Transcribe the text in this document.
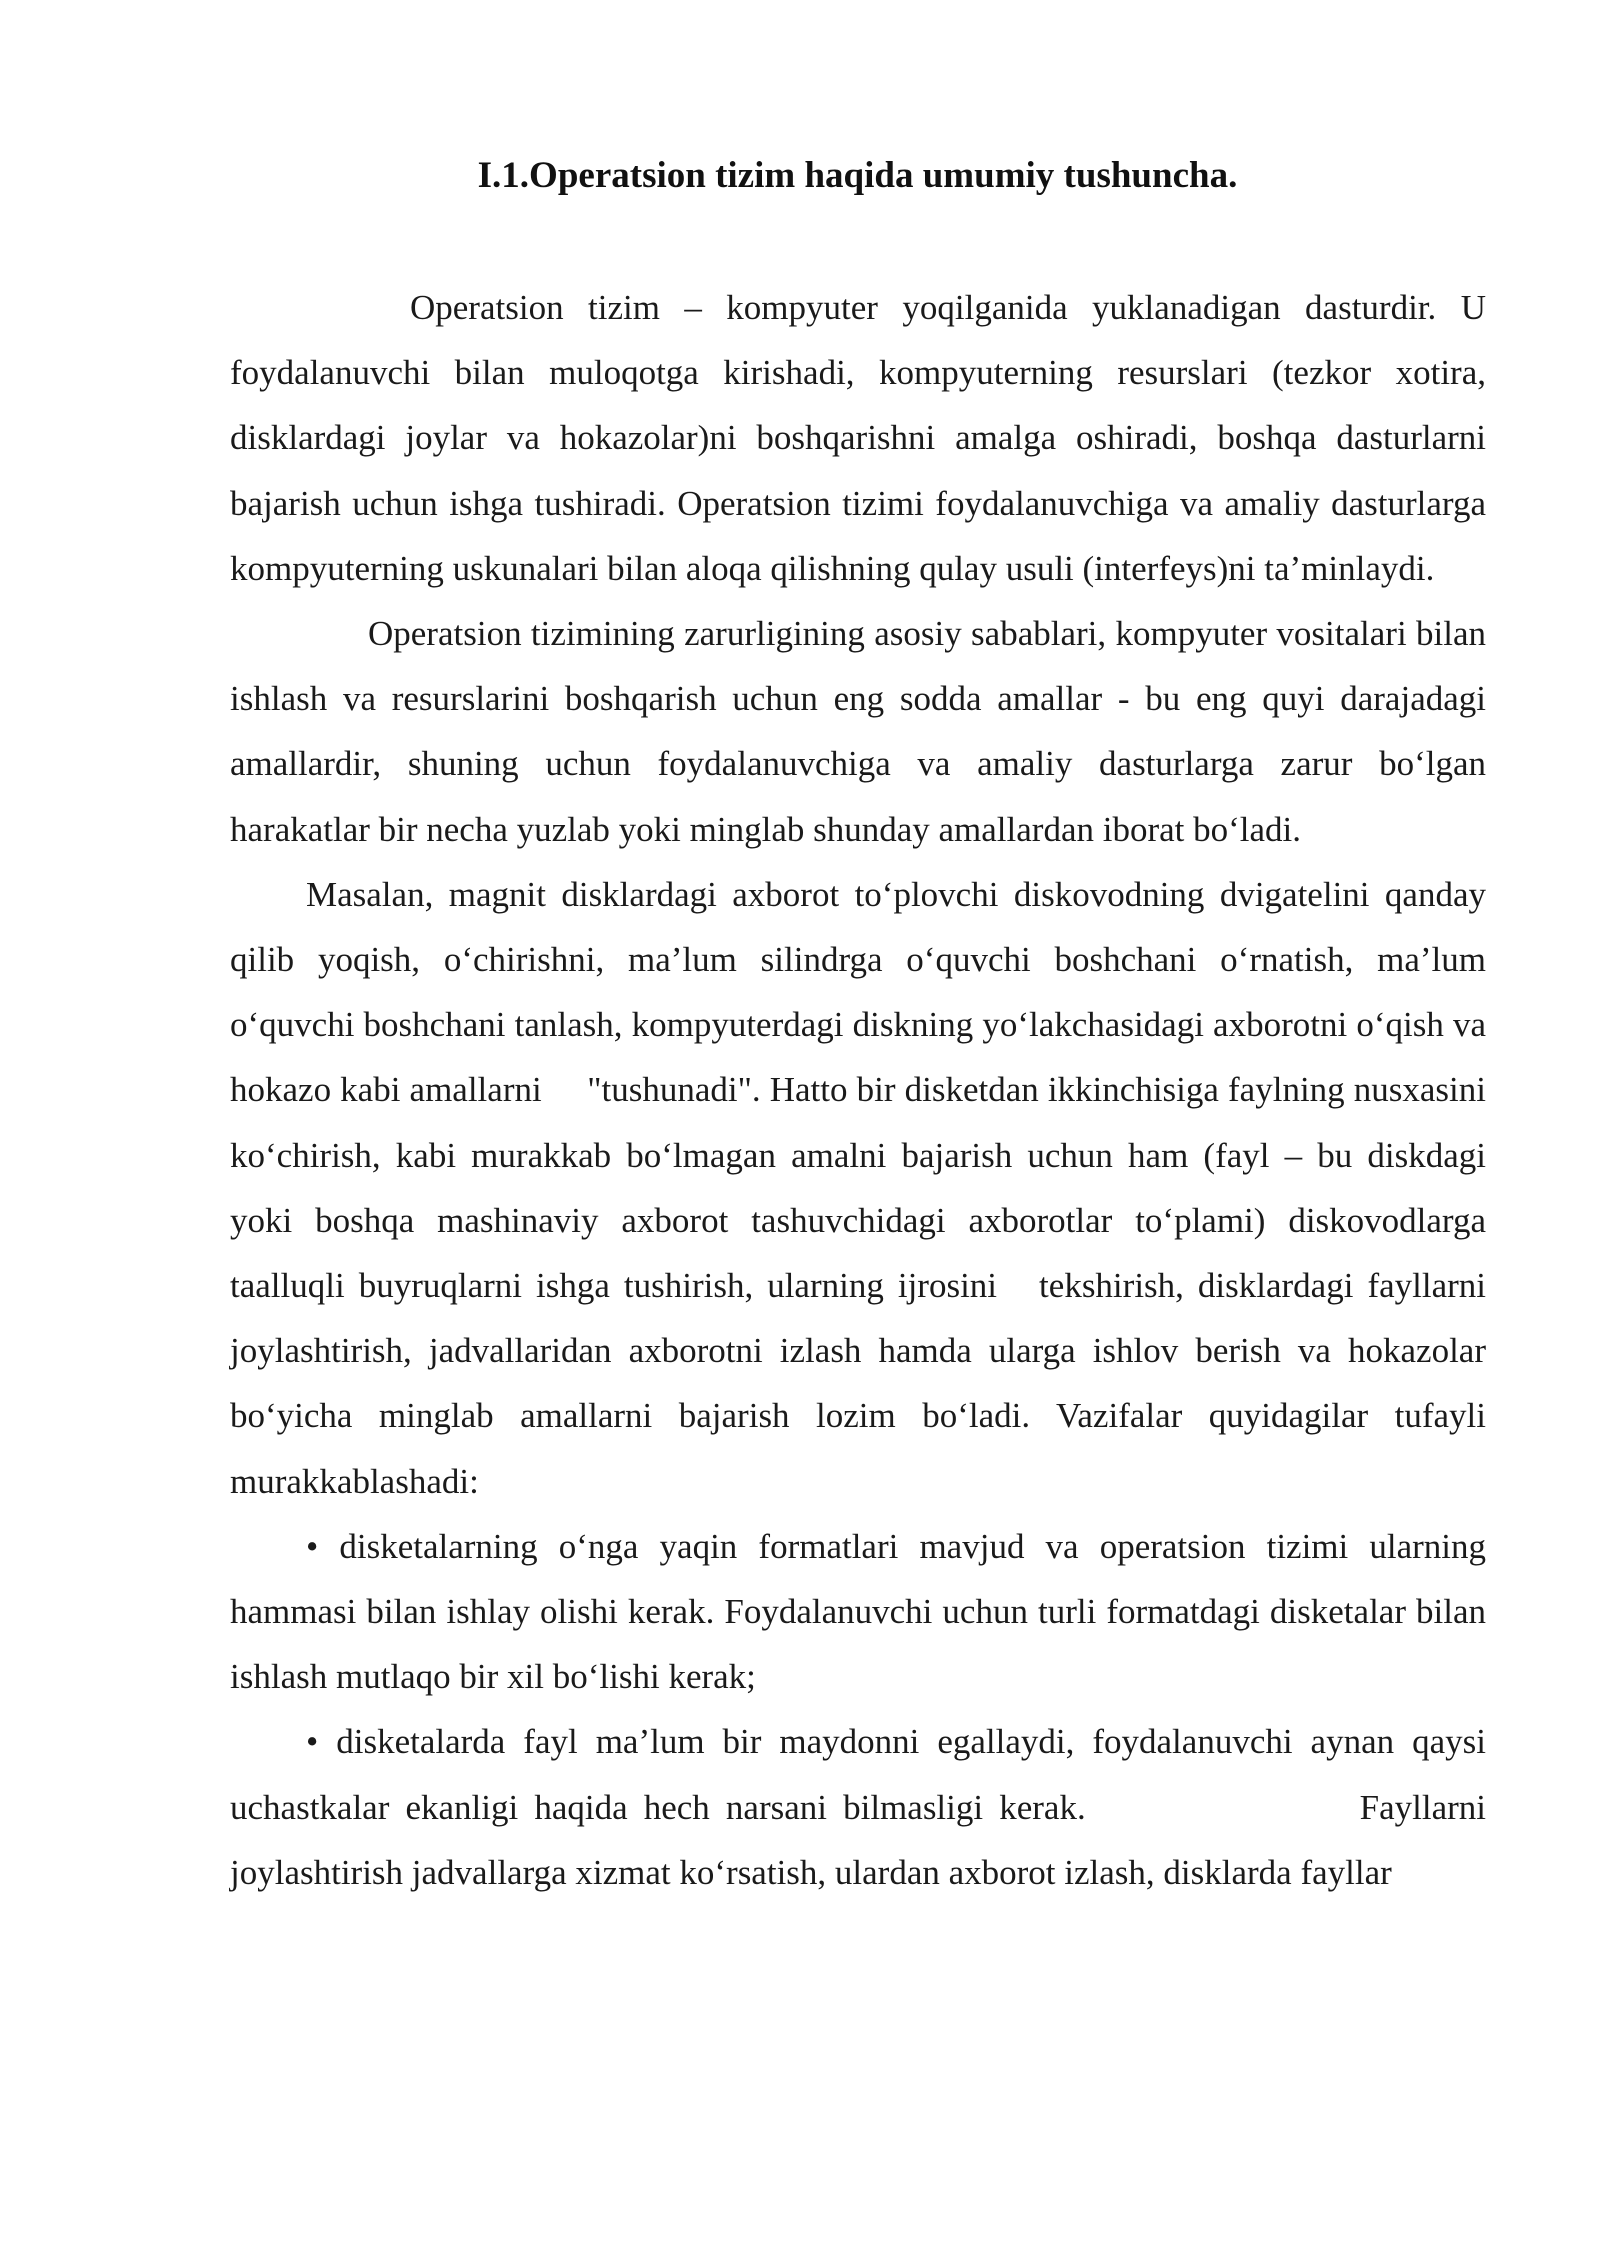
I.1.Operatsion tizim haqida umumiy tushuncha.

Operatsion tizim – kompyuter yoqilganida yuklanadigan dasturdir. U foydalanuvchi bilan muloqotga kirishadi, kompyuterning resurslari (tezkor xotira, disklardagi joylar va hokazolar)ni boshqarishni amalga oshiradi, boshqa dasturlarni bajarish uchun ishga tushiradi. Operatsion tizimi foydalanuvchiga va amaliy dasturlarga kompyuterning uskunalari bilan aloqa qilishning qulay usuli (interfeys)ni ta’minlaydi.

Operatsion tizimining zarurligining asosiy sabablari, kompyuter vositalari bilan ishlash va resurslarini boshqarish uchun eng sodda amallar - bu eng quyi darajadagi amallardir, shuning uchun foydalanuvchiga va amaliy dasturlarga zarur bo‘lgan harakatlar bir necha yuzlab yoki minglab shunday amallardan iborat bo‘ladi.

Masalan, magnit disklardagi axborot to‘plovchi diskovodning dvigatelini qanday qilib yoqish, o‘chirishni, ma’lum silindrga o‘quvchi boshchani o‘rnatish, ma’lum o‘quvchi boshchani tanlash, kompyuterdagi diskning yo‘lakchasidagi axborotni o‘qish va hokazo kabi amallarni     "tushunadi". Hatto bir disketdan ikkinchisiga faylning nusxasini ko‘chirish, kabi murakkab bo‘lmagan amalni bajarish uchun ham (fayl – bu diskdagi yoki boshqa mashinaviy axborot tashuvchidagi axborotlar to‘plami) diskovodlarga taalluqli buyruqlarni ishga tushirish, ularning ijrosini   tekshirish, disklardagi fayllarni joylashtirish, jadvallaridan axborotni izlash hamda ularga ishlov berish va hokazolar bo‘yicha minglab amallarni bajarish lozim bo‘ladi. Vazifalar quyidagilar tufayli murakkablashadi:

• disketalarning o‘nga yaqin formatlari mavjud va operatsion tizimi ularning hammasi bilan ishlay olishi kerak. Foydalanuvchi uchun turli formatdagi disketalar bilan ishlash mutlaqo bir xil bo‘lishi kerak;

• disketalarda fayl ma’lum bir maydonni egallaydi, foydalanuvchi aynan qaysi uchastkalar ekanligi haqida hech narsani bilmasligi kerak.                 Fayllarni joylashtirish jadvallarga xizmat ko‘rsatish, ulardan axborot izlash, disklarda fayllar
